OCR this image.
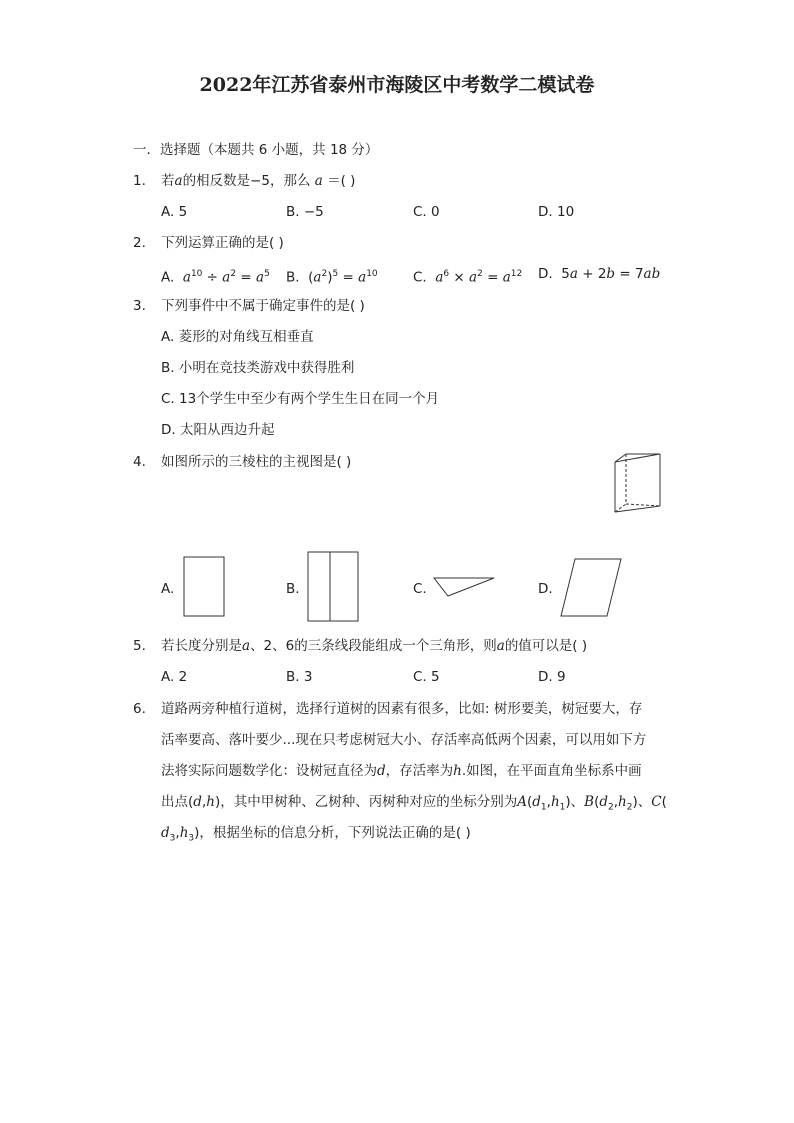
2022年江苏省泰州市海陵区中考数学二模试卷
一．选择题（本题共 6 小题，共 18 分）
1. 若a的相反数是−5，那么 a ＝( )
A. 5	B. −5	C. 0	D. 10
2. 下列运算正确的是( )
A.  $a^{10} \div a^2 = a^5$ B.  $(a^2)^5 = a^{10}$	C.  $a^6 \times a^2 = a^{12}$ D.  5a + 2b = 7ab
3. 下列事件中不属于确定事件的是( )
A. 菱形的对角线互相垂直
B. 小明在竞技类游戏中获得胜利
C. 13个学生中至少有两个学生生日在同一个月
D. 太阳从西边升起
4. 如图所示的三棱柱的主视图是( )
A.	B.	C.	D.
5. 若长度分别是a、2、6的三条线段能组成一个三角形，则a的值可以是( )
A. 2	B. 3	C. 5	D. 9
6. 道路两旁种植行道树，选择行道树的因素有很多，比如: 树形要美，树冠要大，存
活率要高、落叶要少...现在只考虑树冠大小、存活率高低两个因素，可以用如下方
法将实际问题数学化：设树冠直径为d，存活率为h.如图，在平面直角坐标系中画
出点(d,h)，其中甲树种、乙树种、丙树种对应的坐标分别为$A(d_1,h_1)$、$B(d_2,h_2)$、C(
$d_3,h_3$)，根据坐标的信息分析，下列说法正确的是( )
